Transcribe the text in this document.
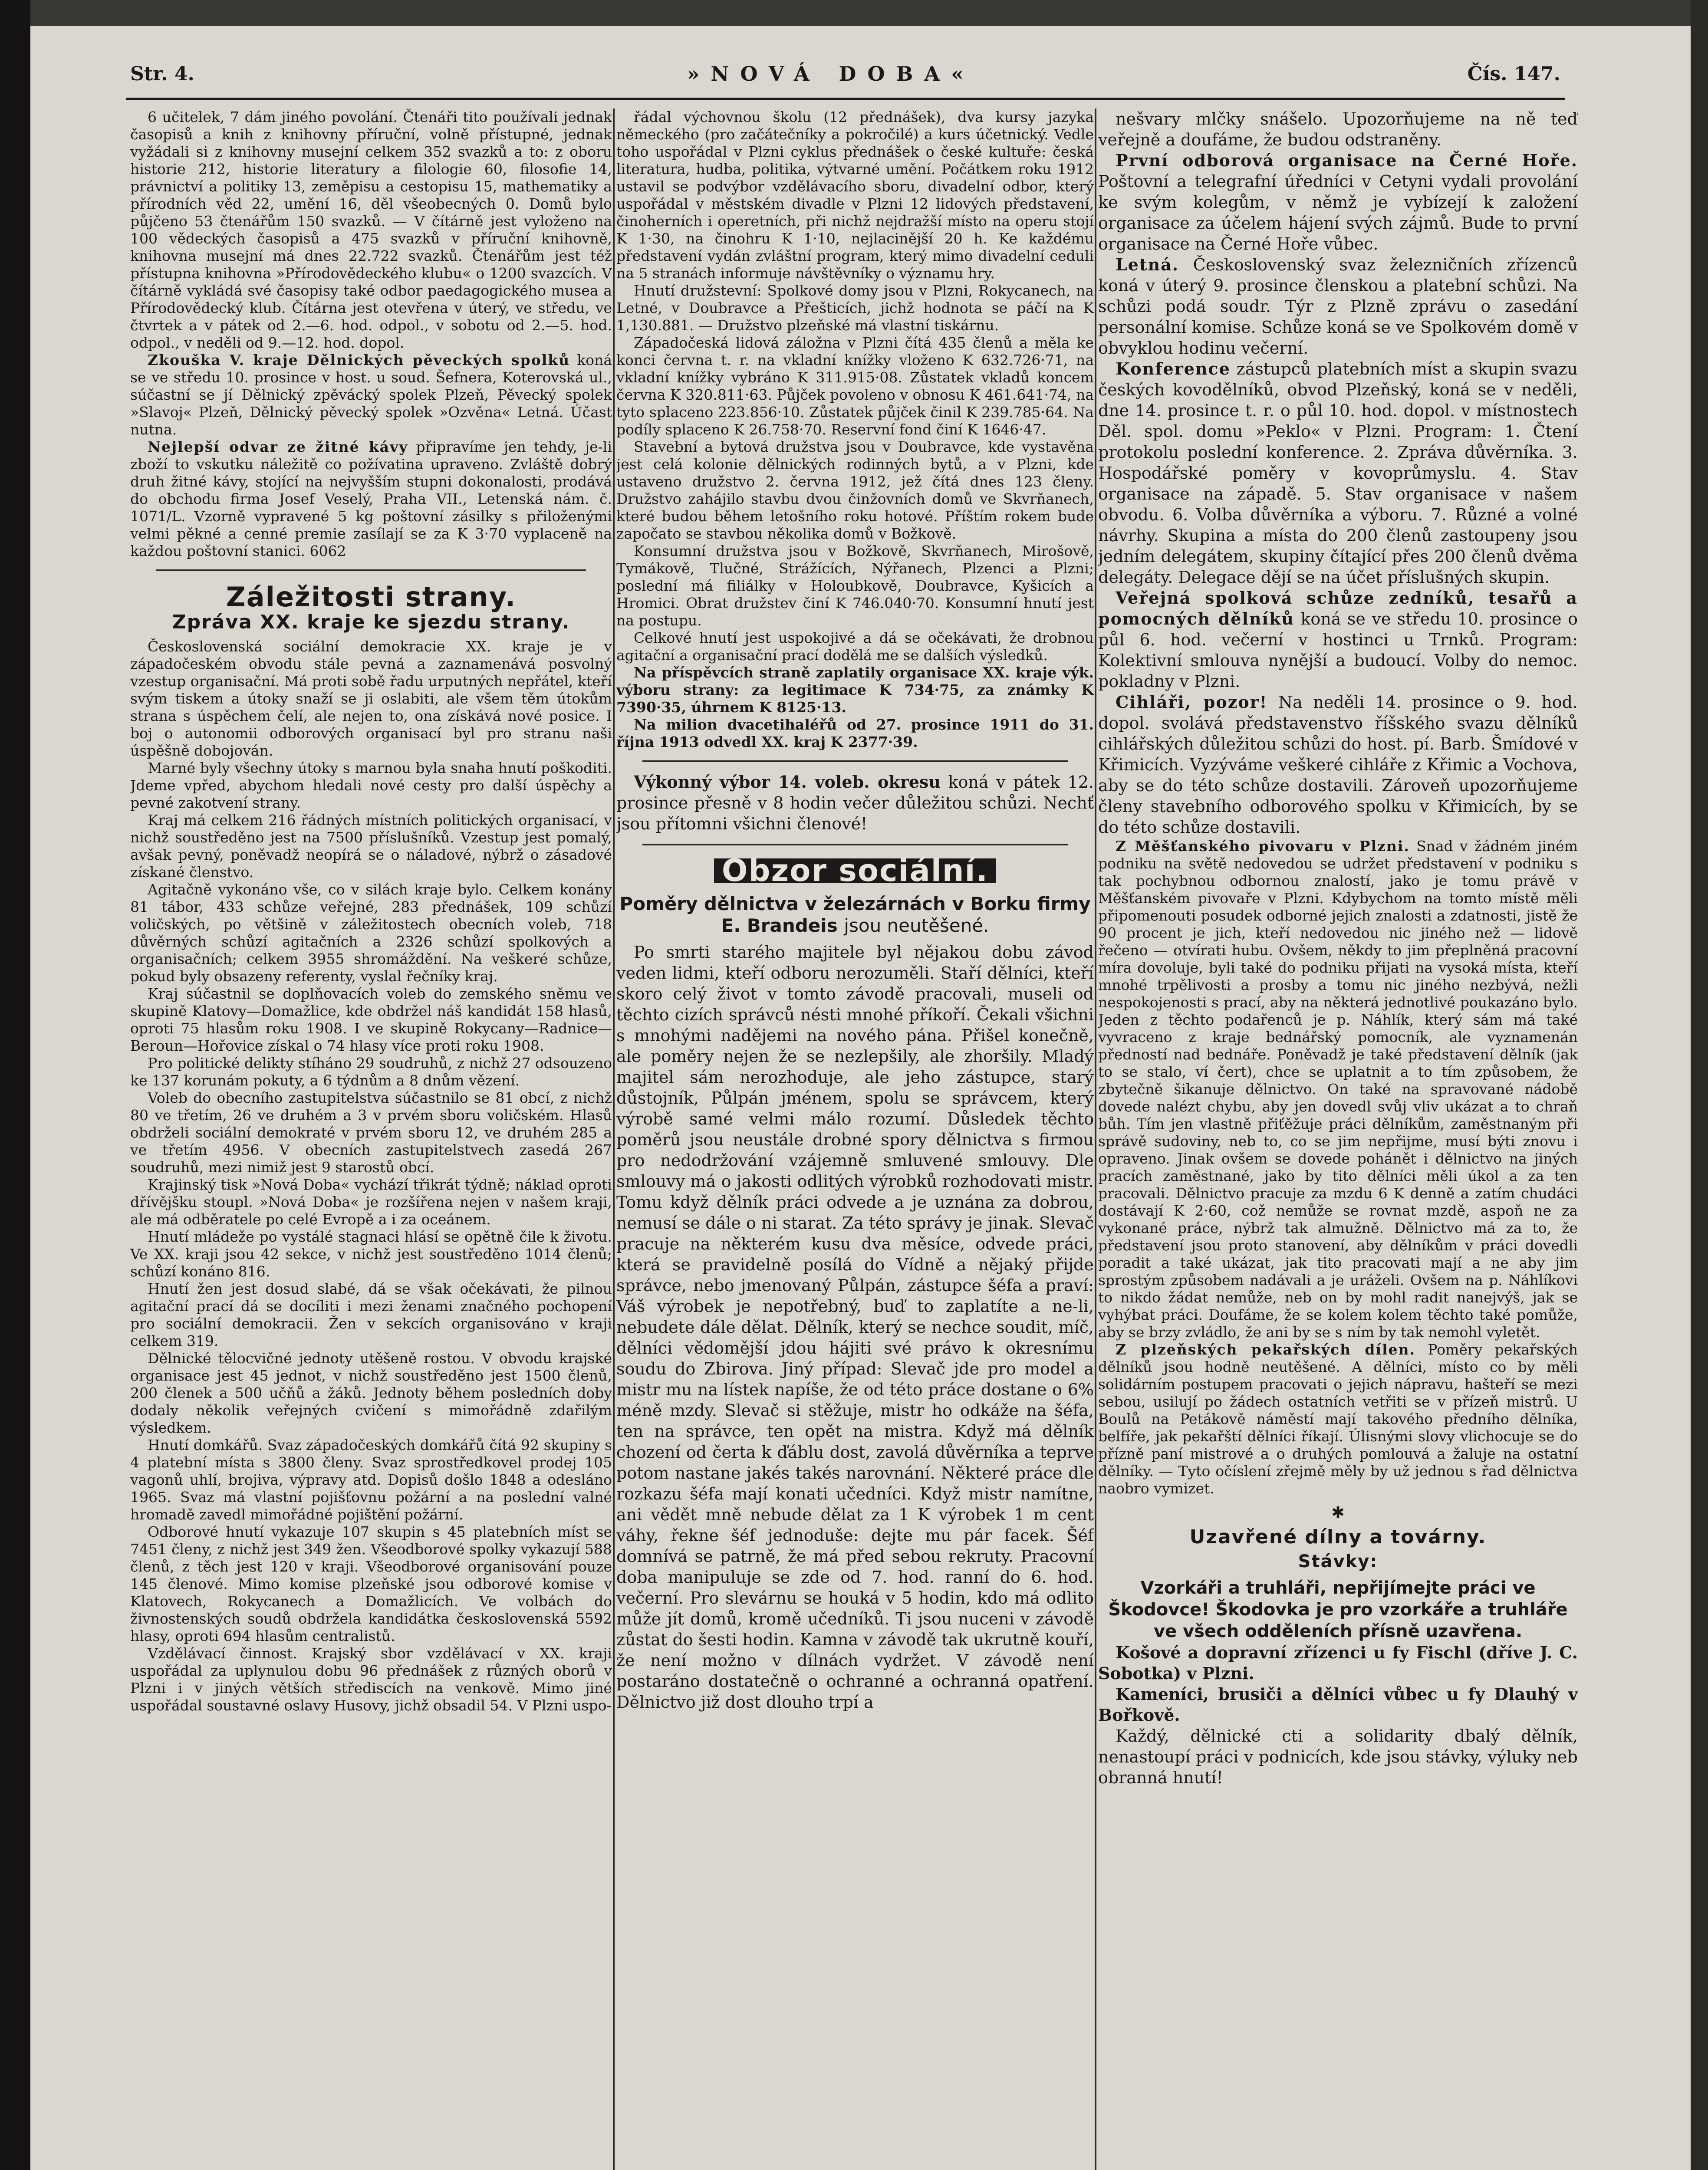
Str. 4.	»NOVÁ DOBA«	Čís. 147.

6 učitelek, 7 dám jiného povolání. Čtenáři tito používali jednak časopisů a knih z knihovny příruční, volně přístupné, jednak vyžádali si z knihovny musejní celkem 352 svazků a to: z oboru historie 212, historie literatury a filologie 60, filosofie 14, právnictví a politiky 13, zeměpisu a cestopisu 15, mathematiky a přírodních věd 22, umění 16, děl všeobecných 0. Domů bylo půjčeno 53 čtenářům 150 svazků. — V čítárně jest vyloženo na 100 vědeckých časopisů a 475 svazků v příruční knihovně, knihovna musejní má dnes 22.722 svazků. Čtenářům jest též přístupna knihovna »Přírodovědeckého klubu« o 1200 svazcích. V čítárně vykládá své časopisy také odbor paedagogického musea a Přírodovědecký klub. Čítárna jest otevřena v úterý, ve středu, ve čtvrtek a v pátek od 2.—6. hod. odpol., v sobotu od 2.—5. hod. odpol., v neděli od 9.—12. hod. dopol.

Zkouška V. kraje Dělnických pěveckých spolků koná se ve středu 10. prosince v host. u soud. Šefnera, Koterovská ul., súčastní se jí Dělnický zpěvácký spolek Plzeň, Pěvecký spolek »Slavoj« Plzeň, Dělnický pěvecký spolek »Ozvěna« Letná. Účast nutna.

Nejlepší odvar ze žitné kávy připravíme jen tehdy, je-li zboží to vskutku náležitě co požívatina upraveno. Zvláště dobrý druh žitné kávy, stojící na nejvyšším stupni dokonalosti, prodává do obchodu firma Josef Veselý, Praha VII., Letenská nám. č. 1071/L. Vzorně vypravené 5 kg poštovní zásilky s přiloženými velmi pěkné a cenné premie zasílají se za K 3·70 vyplaceně na každou poštovní stanici. 6062

Záležitosti strany.
Zpráva XX. kraje ke sjezdu strany.

Československá sociální demokracie XX. kraje je v západočeském obvodu stále pevná a zaznamenává posvolný vzestup organisační. Má proti sobě řadu urputných nepřátel, kteří svým tiskem a útoky snaží se ji oslabiti, ale všem těm útokům strana s úspěchem čelí, ale nejen to, ona získává nové posice. I boj o autonomii odborových organisací byl pro stranu naši úspěšně dobojován.

Marné byly všechny útoky s marnou byla snaha hnutí poškoditi. Jdeme vpřed, abychom hledali nové cesty pro další úspěchy a pevné zakotvení strany.

Kraj má celkem 216 řádných místních politických organisací, v nichž soustředěno jest na 7500 příslušníků. Vzestup jest pomalý, avšak pevný, poněvadž neopírá se o náladové, nýbrž o zásadové získané členstvo.

Agitačně vykonáno vše, co v silách kraje bylo. Celkem konány 81 tábor, 433 schůze veřejné, 283 přednášek, 109 schůzí voličských, po většině v záležitostech obecních voleb, 718 důvěrných schůzí agitačních a 2326 schůzí spolkových a organisačních; celkem 3955 shromáždění. Na veškeré schůze, pokud byly obsazeny referenty, vyslal řečníky kraj.

Kraj súčastnil se doplňovacích voleb do zemského sněmu ve skupině Klatovy—Domažlice, kde obdržel náš kandidát 158 hlasů, oproti 75 hlasům roku 1908. I ve skupině Rokycany—Radnice—Beroun—Hořovice získal o 74 hlasy více proti roku 1908.

Pro politické delikty stíháno 29 soudruhů, z nichž 27 odsouzeno ke 137 korunám pokuty, a 6 týdnům a 8 dnům vězení.

Voleb do obecního zastupitelstva súčastnilo se 81 obcí, z nichž 80 ve třetím, 26 ve druhém a 3 v prvém sboru voličském. Hlasů obdrželi sociální demokraté v prvém sboru 12, ve druhém 285 a ve třetím 4956. V obecních zastupitelstvech zasedá 267 soudruhů, mezi nimiž jest 9 starostů obcí.

Krajinský tisk »Nová Doba« vychází třikrát týdně; náklad oproti dřívějšku stoupl. »Nová Doba« je rozšířena nejen v našem kraji, ale má odběratele po celé Evropě a i za oceánem.

Hnutí mládeže po vystálé stagnaci hlásí se opětně čile k životu. Ve XX. kraji jsou 42 sekce, v nichž jest soustředěno 1014 členů; schůzí konáno 816.

Hnutí žen jest dosud slabé, dá se však očekávati, že pilnou agitační prací dá se docíliti i mezi ženami značného pochopení pro sociální demokracii. Žen v sekcích organisováno v kraji celkem 319.

Dělnické tělocvičné jednoty utěšeně rostou. V obvodu krajské organisace jest 45 jednot, v nichž soustředěno jest 1500 členů, 200 členek a 500 učňů a žáků. Jednoty během posledních doby dodaly několik veřejných cvičení s mimořádně zdařilým výsledkem.

Hnutí domkářů. Svaz západočeských domkářů čítá 92 skupiny s 4 platební místa s 3800 členy. Svaz sprostředkovel prodej 105 vagonů uhlí, brojiva, výpravy atd. Dopisů došlo 1848 a odesláno 1965. Svaz má vlastní pojišťovnu požární a na poslední valné hromadě zavedl mimořádné pojištění požární.

Odborové hnutí vykazuje 107 skupin s 45 platebních míst se 7451 členy, z nichž jest 349 žen. Všeodborové spolky vykazují 588 členů, z těch jest 120 v kraji. Všeodborové organisování pouze 145 členové. Mimo komise plzeňské jsou odborové komise v Klatovech, Rokycanech a Domažlicích. Ve volbách do živnostenských soudů obdržela kandidátka československá 5592 hlasy, oproti 694 hlasům centralistů.

Vzdělávací činnost. Krajský sbor vzdělávací v XX. kraji uspořádal za uplynulou dobu 96 přednášek z různých oborů v Plzni i v jiných větších střediscích na venkově. Mimo jiné uspořádal soustavné oslavy Husovy, jichž obsadil 54. V Plzni uspo-

řádal výchovnou školu (12 přednášek), dva kursy jazyka německého (pro začátečníky a pokročilé) a kurs účetnický. Vedle toho uspořádal v Plzni cyklus přednášek o české kultuře: česká literatura, hudba, politika, výtvarné umění. Počátkem roku 1912 ustavil se podvýbor vzdělávacího sboru, divadelní odbor, který uspořádal v městském divadle v Plzni 12 lidových představení, činoherních i operetních, při nichž nejdražší místo na operu stojí K 1·30, na činohru K 1·10, nejlacinější 20 h. Ke každému představení vydán zvláštní program, který mimo divadelní ceduli na 5 stranách informuje návštěvníky o významu hry.

Hnutí družstevní: Spolkové domy jsou v Plzni, Rokycanech, na Letné, v Doubravce a Přešticích, jichž hodnota se páčí na K 1,130.881. — Družstvo plzeňské má vlastní tiskárnu.

Západočeská lidová záložna v Plzni čítá 435 členů a měla ke konci června t. r. na vkladní knížky vloženo K 632.726·71, na vkladní knížky vybráno K 311.915·08. Zůstatek vkladů koncem června K 320.811·63. Půjček povoleno v obnosu K 461.641·74, na tyto splaceno 223.856·10. Zůstatek půjček činil K 239.785·64. Na podíly splaceno K 26.758·70. Reservní fond činí K 1646·47.

Stavební a bytová družstva jsou v Doubravce, kde vystavěna jest celá kolonie dělnických rodinných bytů, a v Plzni, kde ustaveno družstvo 2. června 1912, jež čítá dnes 123 členy. Družstvo zahájilo stavbu dvou činžovních domů ve Skvrňanech, které budou během letošního roku hotové. Příštím rokem bude započato se stavbou několika domů v Božkově.

Konsumní družstva jsou v Božkově, Skvrňanech, Mirošově, Tymákově, Tlučné, Strážících, Nýřanech, Plzenci a Plzni; poslední má filiálky v Holoubkově, Doubravce, Kyšicích a Hromici. Obrat družstev činí K 746.040·70. Konsumní hnutí jest na postupu.

Celkové hnutí jest uspokojivé a dá se očekávati, že drobnou agitační a organisační prací dodělá me se dalších výsledků.

Na příspěvcích straně zaplatily organisace XX. kraje výk. výboru strany: za legitimace K 734·75, za známky K 7390·35, úhrnem K 8125·13.

Na milion dvacetihaléřů od 27. prosince 1911 do 31. října 1913 odvedl XX. kraj K 2377·39.

Výkonný výbor 14. voleb. okresu koná v pátek 12. prosince přesně v 8 hodin večer důležitou schůzi. Nechť jsou přítomni všichni členové!

Obzor sociální.
Poměry dělnictva v železárnách v Borku firmy E. Brandeis jsou neutěšené.

Po smrti starého majitele byl nějakou dobu závod veden lidmi, kteří odboru nerozuměli. Staří dělníci, kteří skoro celý život v tomto závodě pracovali, museli od těchto cizích správců nésti mnohé příkoří. Čekali všichni s mnohými nadějemi na nového pána. Přišel konečně, ale poměry nejen že se nezlepšily, ale zhoršily. Mladý majitel sám nerozhoduje, ale jeho zástupce, starý důstojník, Půlpán jménem, spolu se správcem, který výrobě samé velmi málo rozumí. Důsledek těchto poměrů jsou neustále drobné spory dělnictva s firmou pro nedodržování vzájemně smluvené smlouvy. Dle smlouvy má o jakosti odlitých výrobků rozhodovati mistr. Tomu když dělník práci odvede a je uznána za dobrou, nemusí se dále o ni starat. Za této správy je jinak. Slevač pracuje na některém kusu dva měsíce, odvede práci, která se pravidelně posílá do Vídně a nějaký přijde správce, nebo jmenovaný Půlpán, zástupce šéfa a praví: Váš výrobek je nepotřebný, buď to zaplatíte a ne-li, nebudete dále dělat. Dělník, který se nechce soudit, míč, dělníci vědomější jdou hájiti své právo k okresnímu soudu do Zbirova. Jiný případ: Slevač jde pro model a mistr mu na lístek napíše, že od této práce dostane o 6% méně mzdy. Slevač si stěžuje, mistr ho odkáže na šéfa, ten na správce, ten opět na mistra. Když má dělník chození od čerta k ďáblu dost, zavolá důvěrníka a teprve potom nastane jakés takés narovnání. Některé práce dle rozkazu šéfa mají konati učedníci. Když mistr namítne, ani vědět mně nebude dělat za 1 K výrobek 1 m cent váhy, řekne šéf jednoduše: dejte mu pár facek. Šéf domnívá se patrně, že má před sebou rekruty. Pracovní doba manipuluje se zde od 7. hod. ranní do 6. hod. večerní. Pro slevárnu se houká v 5 hodin, kdo má odlito může jít domů, kromě učedníků. Ti jsou nuceni v závodě zůstat do šesti hodin. Kamna v závodě tak ukrutně kouří, že není možno v dílnách vydržet. V závodě není postaráno dostatečně o ochranné a ochranná opatření. Dělnictvo již dost dlouho trpí a

nešvary mlčky snášelo. Upozorňujeme na ně teď veřejně a doufáme, že budou odstraněny.

První odborová organisace na Černé Hoře. Poštovní a telegrafní úředníci v Cetyni vydali provolání ke svým kolegům, v němž je vybízejí k založení organisace za účelem hájení svých zájmů. Bude to první organisace na Černé Hoře vůbec.

Letná. Československý svaz železničních zřízenců koná v úterý 9. prosince členskou a platební schůzi. Na schůzi podá soudr. Týr z Plzně zprávu o zasedání personální komise. Schůze koná se ve Spolkovém domě v obvyklou hodinu večerní.

Konference zástupců platebních míst a skupin svazu českých kovodělníků, obvod Plzeňský, koná se v neděli, dne 14. prosince t. r. o půl 10. hod. dopol. v místnostech Děl. spol. domu »Peklo« v Plzni. Program: 1. Čtení protokolu poslední konference. 2. Zpráva důvěrníka. 3. Hospodářské poměry v kovoprůmyslu. 4. Stav organisace na západě. 5. Stav organisace v našem obvodu. 6. Volba důvěrníka a výboru. 7. Různé a volné návrhy. Skupina a místa do 200 členů zastoupeny jsou jedním delegátem, skupiny čítající přes 200 členů dvěma delegáty. Delegace dějí se na účet příslušných skupin.

Veřejná spolková schůze zedníků, tesařů a pomocných dělníků koná se ve středu 10. prosince o půl 6. hod. večerní v hostinci u Trnků. Program: Kolektivní smlouva nynější a budoucí. Volby do nemoc. pokladny v Plzni.

Cihláři, pozor! Na neděli 14. prosince o 9. hod. dopol. svolává představenstvo říšského svazu dělníků cihlářských důležitou schůzi do host. pí. Barb. Šmídové v Křimicích. Vyzýváme veškeré cihláře z Křimic a Vochova, aby se do této schůze dostavili. Zároveň upozorňujeme členy stavebního odborového spolku v Křimicích, by se do této schůze dostavili.

Z Měšťanského pivovaru v Plzni. Snad v žádném jiném podniku na světě nedovedou se udržet představení v podniku s tak pochybnou odbornou znalostí, jako je tomu právě v Měšťanském pivovaře v Plzni. Kdybychom na tomto místě měli připomenouti posudek odborné jejich znalosti a zdatnosti, jistě že 90 procent je jich, kteří nedovedou nic jiného než — lidově řečeno — otvírati hubu. Ovšem, někdy to jim přeplněná pracovní míra dovoluje, byli také do podniku přijati na vysoká místa, kteří mnohé trpělivosti a prosby a tomu nic jiného nezbývá, nežli nespokojenosti s prací, aby na některá jednotlivé poukazáno bylo. Jeden z těchto podařenců je p. Náhlík, který sám má také vyvraceno z kraje bednářský pomocník, ale vyznamenán předností nad bednáře. Poněvadž je také představení dělník (jak to se stalo, ví čert), chce se uplatnit a to tím způsobem, že zbytečně šikanuje dělnictvo. On také na spravované nádobě dovede nalézt chybu, aby jen dovedl svůj vliv ukázat a to chraň bůh. Tím jen vlastně přiťěžuje práci dělníkům, zaměstnaným při správě sudoviny, neb to, co se jim nepřijme, musí býti znovu i opraveno. Jinak ovšem se dovede pohánět i dělnictvo na jiných pracích zaměstnané, jako by tito dělníci měli úkol a za ten pracovali. Dělnictvo pracuje za mzdu 6 K denně a zatím chudáci dostávají K 2·60, což nemůže se rovnat mzdě, aspoň ne za vykonané práce, nýbrž tak almužně. Dělnictvo má za to, že představení jsou proto stanovení, aby dělníkům v práci dovedli poradit a také ukázat, jak tito pracovati mají a ne aby jim sprostým způsobem nadávali a je uráželi. Ovšem na p. Náhlíkovi to nikdo žádat nemůže, neb on by mohl radit nanejvýš, jak se vyhýbat práci. Doufáme, že se kolem kolem těchto také pomůže, aby se brzy zvládlo, že ani by se s ním by tak nemohl vyletět.

Z plzeňských pekařských dílen. Poměry pekařských dělníků jsou hodně neutěšené. A dělníci, místo co by měli solidárním postupem pracovati o jejich nápravu, hašteří se mezi sebou, usilují po žádech ostatních vetřiti se v přízeň mistrů. U Boulů na Petákově náměstí mají takového předního dělníka, belfíře, jak pekařští dělníci říkají. Úlisnými slovy vlichocuje se do přízně paní mistrové a o druhých pomlouvá a žaluje na ostatní dělníky. — Tyto očíslení zřejmě měly by už jednou s řad dělnictva naobro vymizet.

✱
Uzavřené dílny a továrny.
Stávky:

Vzorkáři a truhláři, nepřijímejte práci ve Škodovce! Škodovka je pro vzorkáře a truhláře ve všech odděleních přísně uzavřena.

Košové a dopravní zřízenci u fy Fischl (dříve J. C. Sobotka) v Plzni.

Kameníci, brusiči a dělníci vůbec u fy Dlauhý v Bořkově.

Každý, dělnické cti a solidarity dbalý dělník, nenastoupí práci v podnicích, kde jsou stávky, výluky neb obranná hnutí!
